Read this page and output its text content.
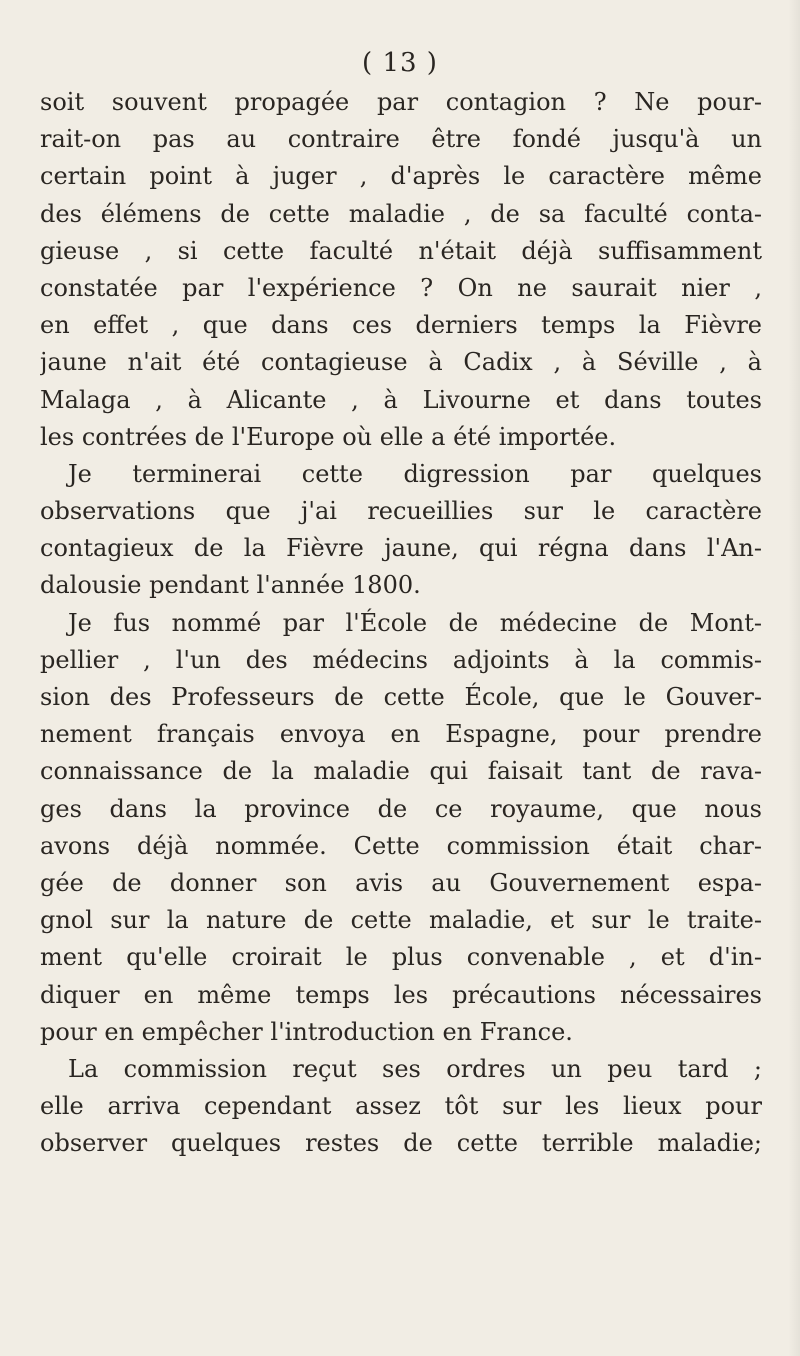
( 13 )
soit souvent propagée par contagion ? Ne pour-
rait-on pas au contraire être fondé jusqu'à un
certain point à juger , d'après le caractère même
des élémens de cette maladie , de sa faculté conta-
gieuse , si cette faculté n'était déjà suffisamment
constatée par l'expérience ? On ne saurait nier ,
en effet , que dans ces derniers temps la Fièvre
jaune n'ait été contagieuse à Cadix , à Séville , à
Malaga , à Alicante , à Livourne et dans toutes
les contrées de l'Europe où elle a été importée.
Je terminerai cette digression par quelques
observations que j'ai recueillies sur le caractère
contagieux de la Fièvre jaune, qui régna dans l'An-
dalousie pendant l'année 1800.
Je fus nommé par l'École de médecine de Mont-
pellier , l'un des médecins adjoints à la commis-
sion des Professeurs de cette École, que le Gouver-
nement français envoya en Espagne, pour prendre
connaissance de la maladie qui faisait tant de rava-
ges dans la province de ce royaume, que nous
avons déjà nommée. Cette commission était char-
gée de donner son avis au Gouvernement espa-
gnol sur la nature de cette maladie, et sur le traite-
ment qu'elle croirait le plus convenable , et d'in-
diquer en même temps les précautions nécessaires
pour en empêcher l'introduction en France.
La commission reçut ses ordres un peu tard ;
elle arriva cependant assez tôt sur les lieux pour
observer quelques restes de cette terrible maladie;
